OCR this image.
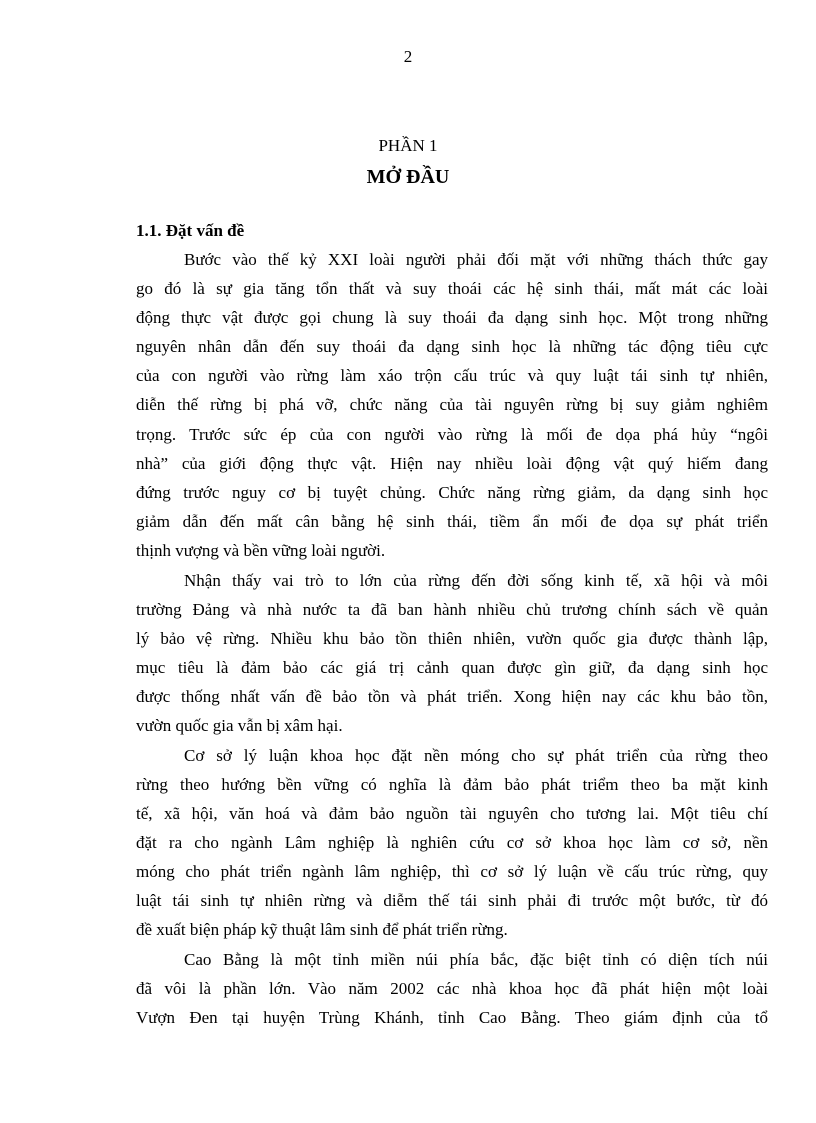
2
PHẦN 1
MỞ ĐẦU
1.1. Đặt vấn đề
Bước vào thế kỷ XXI loài người phải đối mặt với những thách thức gay
go đó là sự gia tăng tổn thất và suy thoái các hệ sinh thái, mất mát các loài
động thực vật được gọi chung là suy thoái đa dạng sinh học. Một trong những
nguyên nhân dẫn đến suy thoái đa dạng sinh học là những tác động tiêu cực
của con người vào rừng làm xáo trộn cấu trúc và quy luật tái sinh tự nhiên,
diễn thế rừng bị phá vỡ, chức năng của tài nguyên rừng bị suy giảm nghiêm
trọng. Trước sức ép của con người vào rừng là mối đe dọa phá hủy “ngôi
nhà” của giới động thực vật. Hiện nay nhiều loài động vật quý hiếm đang
đứng trước nguy cơ bị tuyệt chủng. Chức năng rừng giảm, da dạng sinh học
giảm dẫn đến mất cân bằng hệ sinh thái, tiềm ẩn mối đe dọa sự phát triển
thịnh vượng và bền vững loài người.
Nhận thấy vai trò to lớn của rừng đến đời sống kinh tế, xã hội và môi
trường Đảng và nhà nước ta đã ban hành nhiều chủ trương chính sách về quản
lý bảo vệ rừng. Nhiều khu bảo tồn thiên nhiên, vườn quốc gia được thành lập,
mục tiêu là đảm bảo các giá trị cảnh quan được gìn giữ, đa dạng sinh học
được thống nhất vấn đề bảo tồn và phát triển. Xong hiện nay các khu bảo tồn,
vườn quốc gia vẫn bị xâm hại.
Cơ sở lý luận khoa học đặt nền móng cho sự phát triển của rừng theo
rừng theo hướng bền vững có nghĩa là đảm bảo phát triểm theo ba mặt kinh
tế, xã hội, văn hoá và đảm bảo nguồn tài nguyên cho tương lai. Một tiêu chí
đặt ra cho ngành Lâm nghiệp là nghiên cứu cơ sở khoa học làm cơ sở, nền
móng cho phát triển ngành lâm nghiệp, thì cơ sở lý luận về cấu trúc rừng, quy
luật tái sinh tự nhiên rừng và diễm thế tái sinh phải đi trước một bước, từ đó
đề xuất biện pháp kỹ thuật lâm sinh để phát triển rừng.
Cao Bằng là một tỉnh miền núi phía bắc, đặc biệt tỉnh có diện tích núi
đã vôi là phần lớn. Vào năm 2002 các nhà khoa học đã phát hiện một loài
Vượn Đen tại huyện Trùng Khánh, tỉnh Cao Bằng. Theo giám định của tổ
